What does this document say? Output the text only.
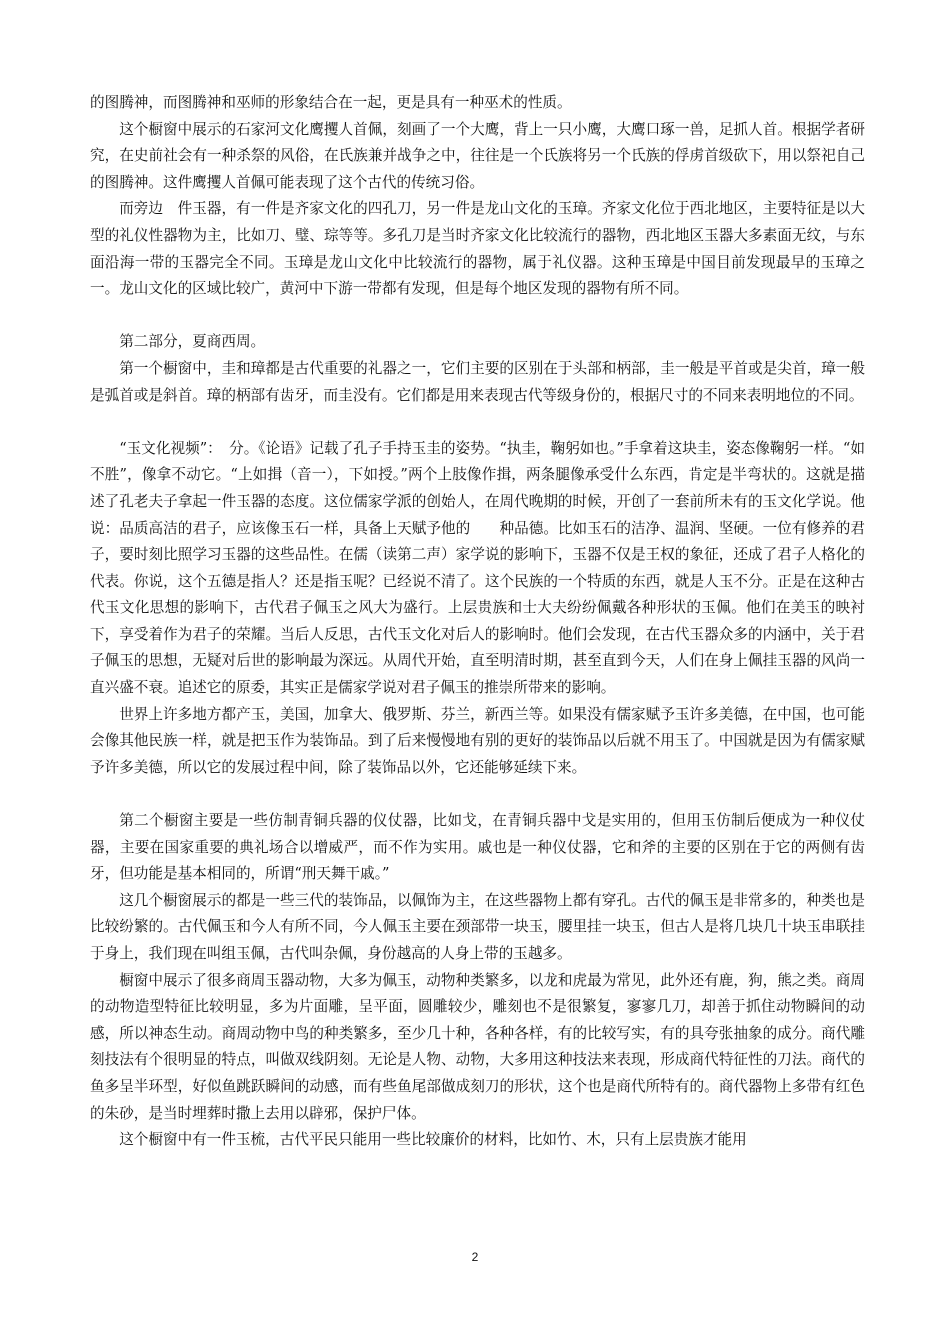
的图腾神，而图腾神和巫师的形象结合在一起，更是具有一种巫术的性质。

这个橱窗中展示的石家河文化鹰攫人首佩，刻画了一个大鹰，背上一只小鹰，大鹰口琢一兽，足抓人首。根据学者研究，在史前社会有一种杀祭的风俗，在氏族兼并战争之中，往往是一个氏族将另一个氏族的俘虏首级砍下，用以祭祀自己的图腾神。这件鹰攫人首佩可能表现了这个古代的传统习俗。

而旁边　件玉器，有一件是齐家文化的四孔刀，另一件是龙山文化的玉璋。齐家文化位于西北地区，主要特征是以大型的礼仪性器物为主，比如刀、璧、琮等等。多孔刀是当时齐家文化比较流行的器物，西北地区玉器大多素面无纹，与东面沿海一带的玉器完全不同。玉璋是龙山文化中比较流行的器物，属于礼仪器。这种玉璋是中国目前发现最早的玉璋之一。龙山文化的区域比较广，黄河中下游一带都有发现，但是每个地区发现的器物有所不同。

第二部分，夏商西周。

第一个橱窗中，圭和璋都是古代重要的礼器之一，它们主要的区别在于头部和柄部，圭一般是平首或是尖首，璋一般是弧首或是斜首。璋的柄部有齿牙，而圭没有。它们都是用来表现古代等级身份的，根据尺寸的不同来表明地位的不同。

“玉文化视频”：　分。《论语》记载了孔子手持玉圭的姿势。“执圭，鞠躬如也。”手拿着这块圭，姿态像鞠躬一样。“如不胜”，像拿不动它。“上如揖（音一），下如授。”两个上肢像作揖，两条腿像承受什么东西，肯定是半弯状的。这就是描述了孔老夫子拿起一件玉器的态度。这位儒家学派的创始人，在周代晚期的时候，开创了一套前所未有的玉文化学说。他说：品质高洁的君子，应该像玉石一样，具备上天赋予他的　　种品德。比如玉石的洁净、温润、坚硬。一位有修养的君子，要时刻比照学习玉器的这些品性。在儒（读第二声）家学说的影响下，玉器不仅是王权的象征，还成了君子人格化的代表。你说，这个五德是指人？还是指玉呢？已经说不清了。这个民族的一个特质的东西，就是人玉不分。正是在这种古代玉文化思想的影响下，古代君子佩玉之风大为盛行。上层贵族和士大夫纷纷佩戴各种形状的玉佩。他们在美玉的映衬下，享受着作为君子的荣耀。当后人反思，古代玉文化对后人的影响时。他们会发现，在古代玉器众多的内涵中，关于君子佩玉的思想，无疑对后世的影响最为深远。从周代开始，直至明清时期，甚至直到今天，人们在身上佩挂玉器的风尚一直兴盛不衰。追述它的原委，其实正是儒家学说对君子佩玉的推崇所带来的影响。

世界上许多地方都产玉，美国，加拿大、俄罗斯、芬兰，新西兰等。如果没有儒家赋予玉许多美德，在中国，也可能会像其他民族一样，就是把玉作为装饰品。到了后来慢慢地有别的更好的装饰品以后就不用玉了。中国就是因为有儒家赋予许多美德，所以它的发展过程中间，除了装饰品以外，它还能够延续下来。

第二个橱窗主要是一些仿制青铜兵器的仪仗器，比如戈，在青铜兵器中戈是实用的，但用玉仿制后便成为一种仪仗器，主要在国家重要的典礼场合以增威严，而不作为实用。戚也是一种仪仗器，它和斧的主要的区别在于它的两侧有齿牙，但功能是基本相同的，所谓“刑天舞干戚。”

这几个橱窗展示的都是一些三代的装饰品，以佩饰为主，在这些器物上都有穿孔。古代的佩玉是非常多的，种类也是比较纷繁的。古代佩玉和今人有所不同，今人佩玉主要在颈部带一块玉，腰里挂一块玉，但古人是将几块几十块玉串联挂于身上，我们现在叫组玉佩，古代叫杂佩，身份越高的人身上带的玉越多。

橱窗中展示了很多商周玉器动物，大多为佩玉，动物种类繁多，以龙和虎最为常见，此外还有鹿，狗，熊之类。商周的动物造型特征比较明显，多为片面雕，呈平面，圆雕较少，雕刻也不是很繁复，寥寥几刀，却善于抓住动物瞬间的动感，所以神态生动。商周动物中鸟的种类繁多，至少几十种，各种各样，有的比较写实，有的具夸张抽象的成分。商代雕刻技法有个很明显的特点，叫做双线阴刻。无论是人物、动物，大多用这种技法来表现，形成商代特征性的刀法。商代的鱼多呈半环型，好似鱼跳跃瞬间的动感，而有些鱼尾部做成刻刀的形状，这个也是商代所特有的。商代器物上多带有红色的朱砂，是当时埋葬时撒上去用以辟邪，保护尸体。

这个橱窗中有一件玉梳，古代平民只能用一些比较廉价的材料，比如竹、木，只有上层贵族才能用

2
